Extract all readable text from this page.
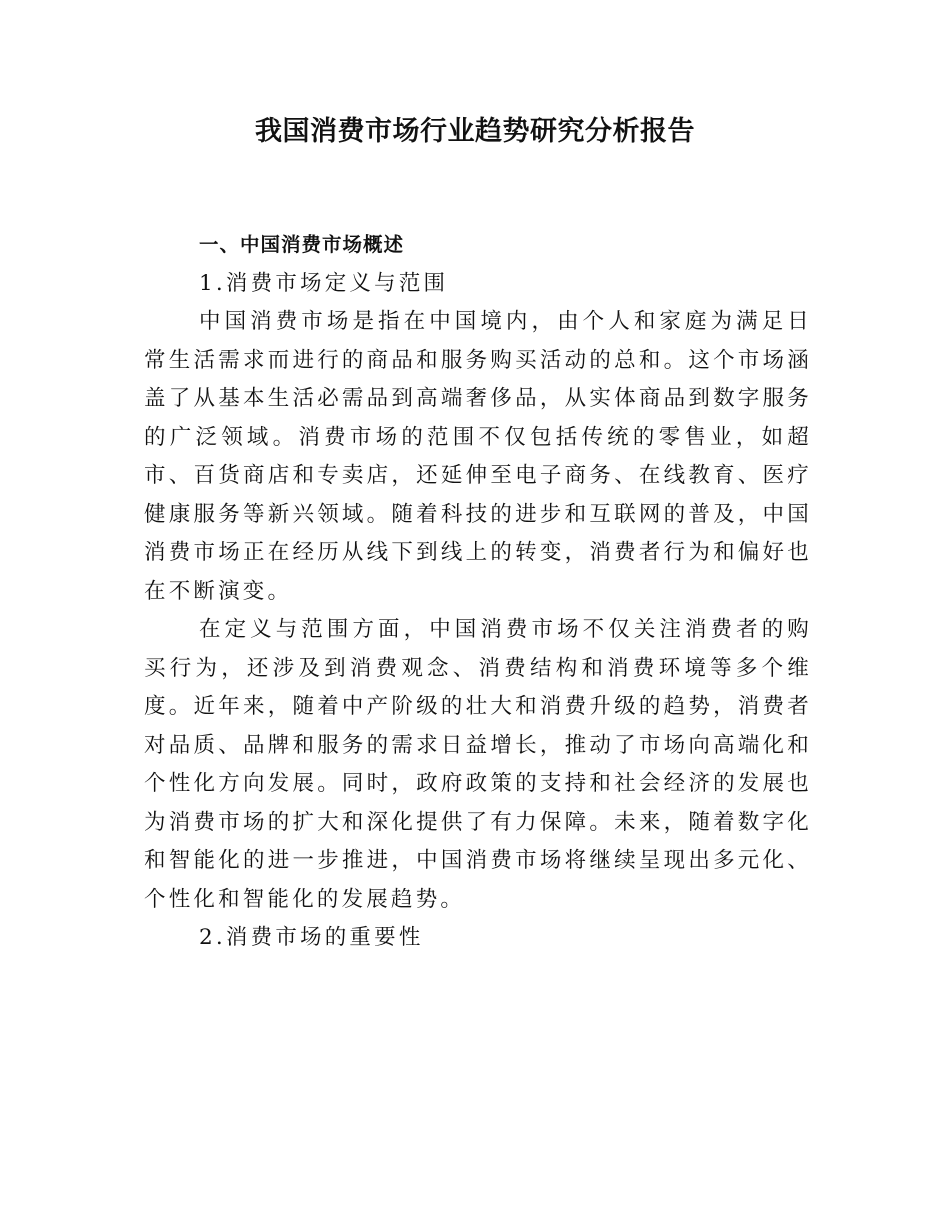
我国消费市场行业趋势研究分析报告

一、中国消费市场概述

1.消费市场定义与范围

中国消费市场是指在中国境内，由个人和家庭为满足日常生活需求而进行的商品和服务购买活动的总和。这个市场涵盖了从基本生活必需品到高端奢侈品，从实体商品到数字服务的广泛领域。消费市场的范围不仅包括传统的零售业，如超市、百货商店和专卖店，还延伸至电子商务、在线教育、医疗健康服务等新兴领域。随着科技的进步和互联网的普及，中国消费市场正在经历从线下到线上的转变，消费者行为和偏好也在不断演变。

在定义与范围方面，中国消费市场不仅关注消费者的购买行为，还涉及到消费观念、消费结构和消费环境等多个维度。近年来，随着中产阶级的壮大和消费升级的趋势，消费者对品质、品牌和服务的需求日益增长，推动了市场向高端化和个性化方向发展。同时，政府政策的支持和社会经济的发展也为消费市场的扩大和深化提供了有力保障。未来，随着数字化和智能化的进一步推进，中国消费市场将继续呈现出多元化、个性化和智能化的发展趋势。

2.消费市场的重要性
